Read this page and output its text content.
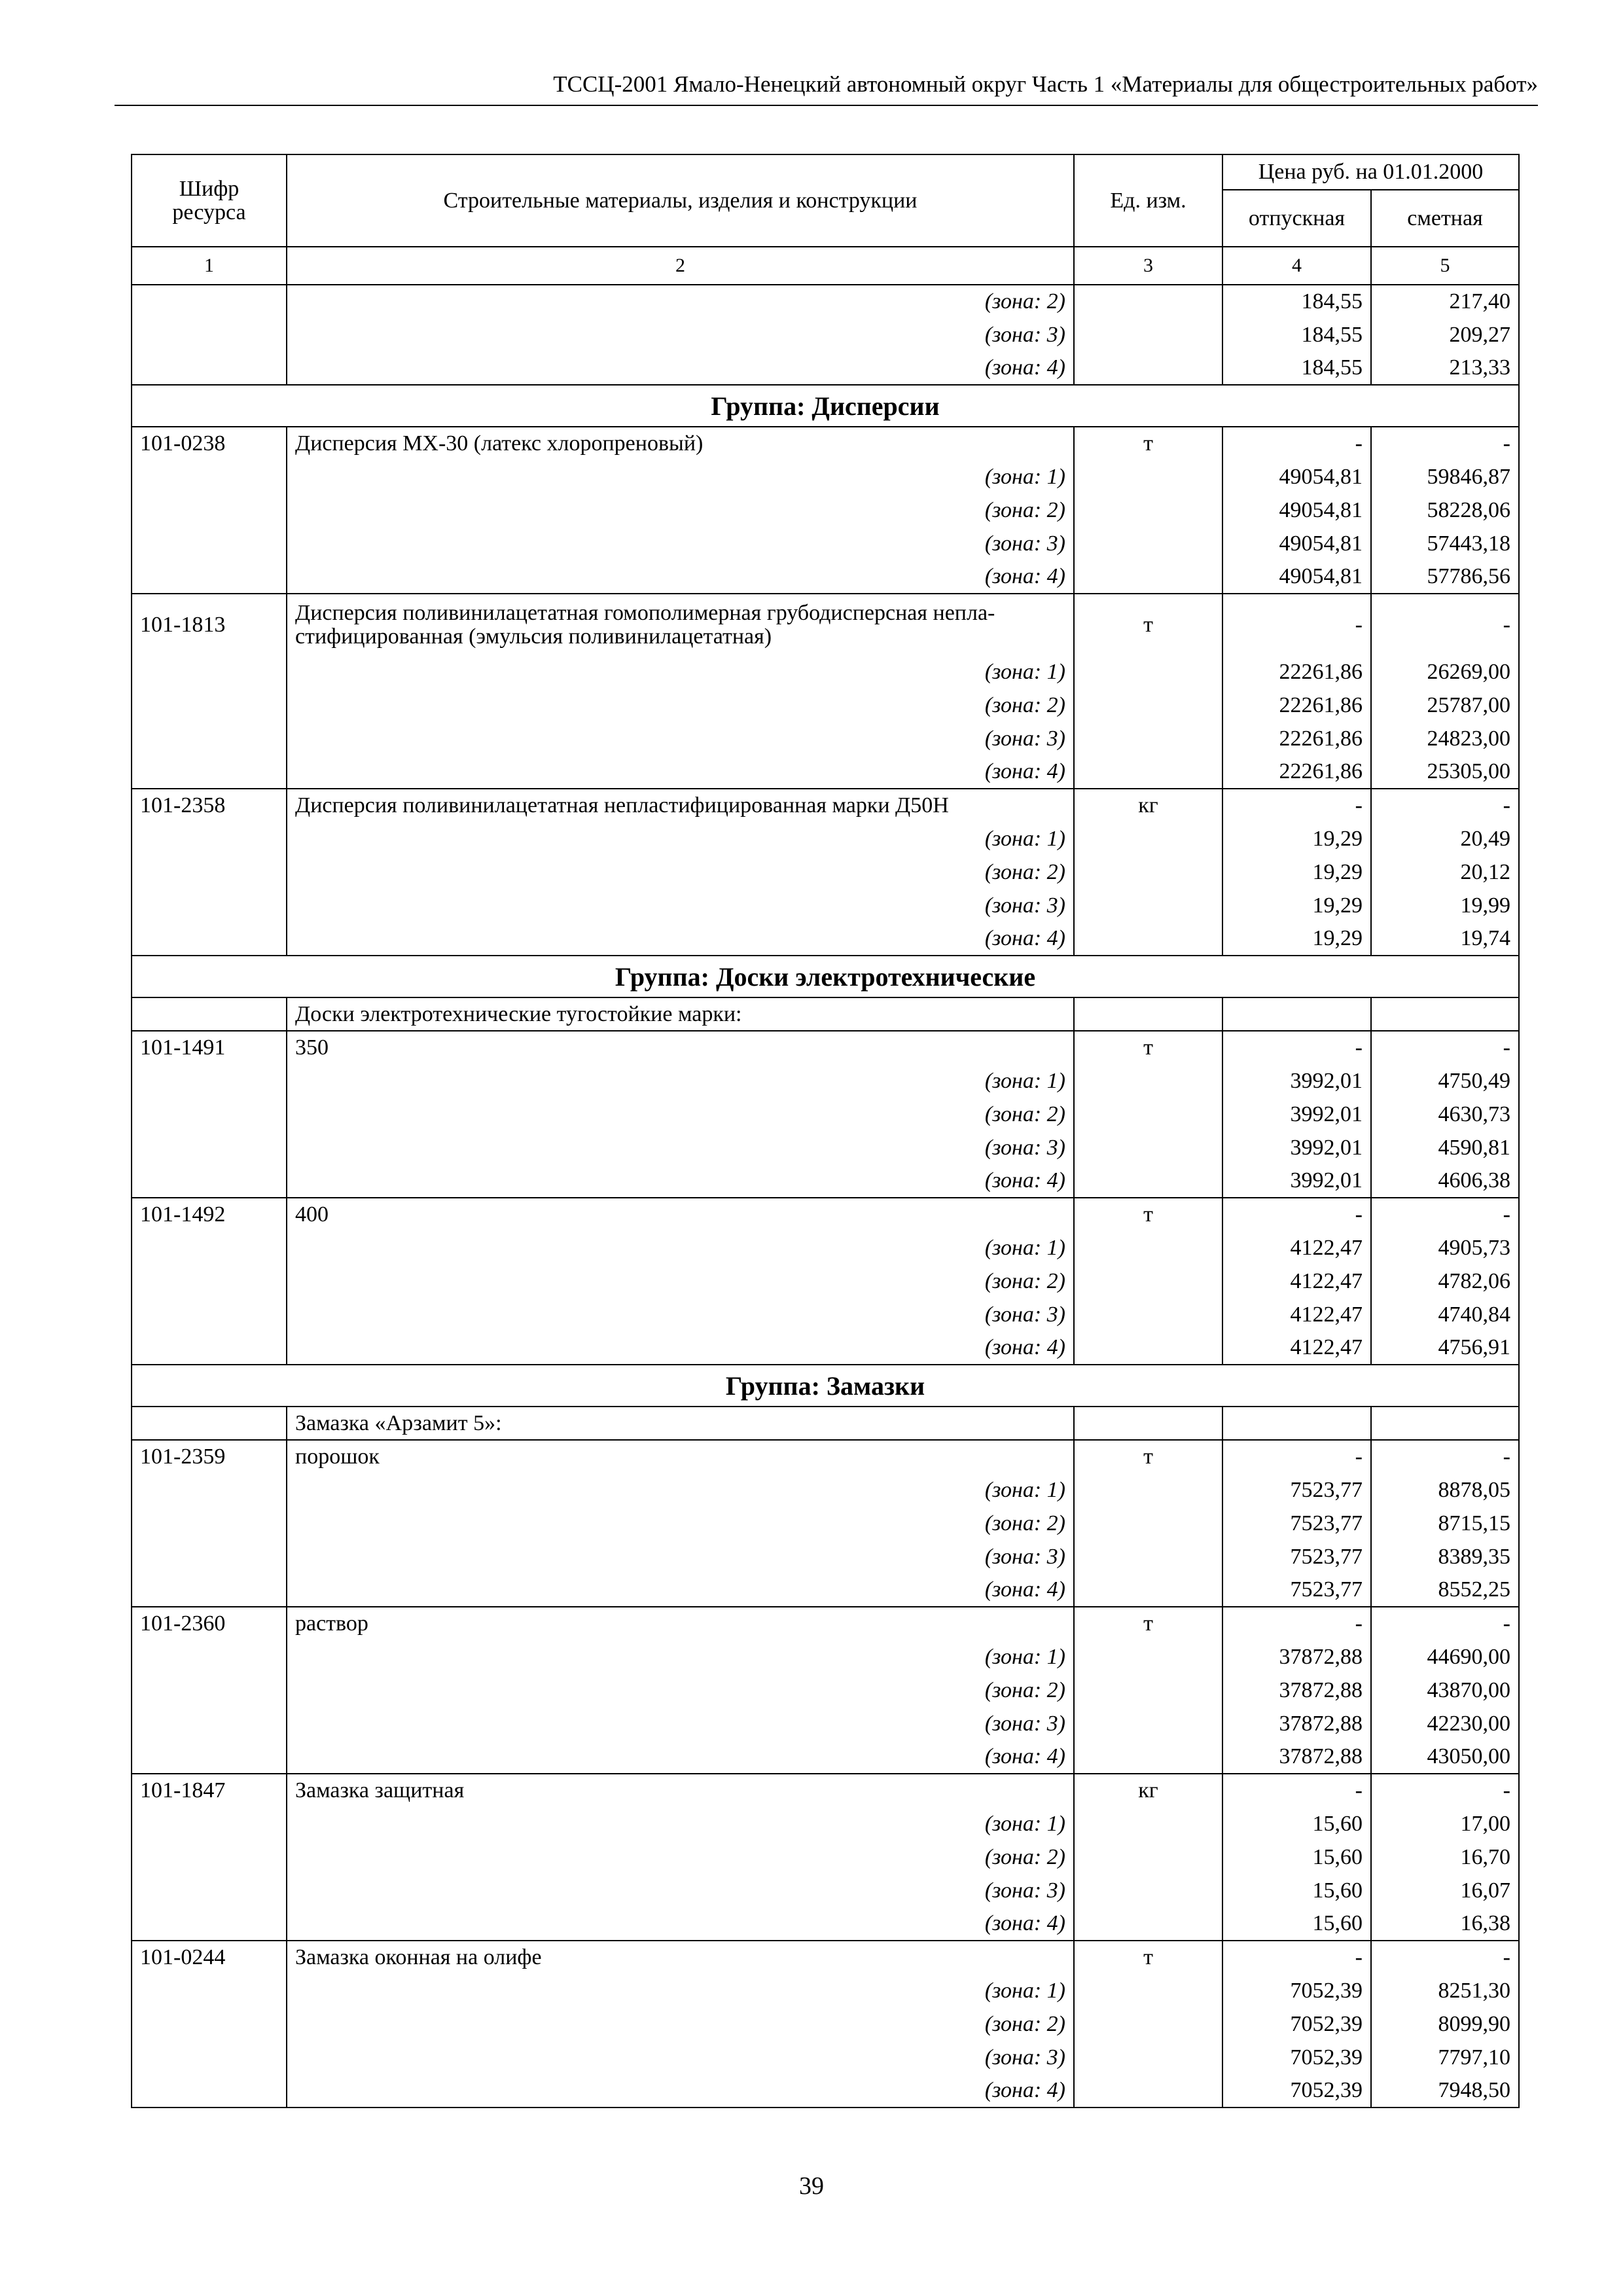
ТССЦ-2001 Ямало-Ненецкий автономный округ Часть 1 «Материалы для общестроительных работ»
Шифр ресурса	Строительные материалы, изделия и конструкции	Ед. изм.	Цена руб. на 01.01.2000	
			отпускная	сметная
1	2	3	4	5
	(зона: 2)		184,55	217,40
	(зона: 3)		184,55	209,27
	(зона: 4)		184,55	213,33
Группа: Дисперсии				
101-0238	Дисперсия МХ-30 (латекс хлоропреновый)	т	-	-
	(зона: 1)		49054,81	59846,87
	(зона: 2)		49054,81	58228,06
	(зона: 3)		49054,81	57443,18
	(зона: 4)		49054,81	57786,56
101-1813	Дисперсия поливинилацетатная гомополимерная грубодисперсная непла-стифицированная (эмульсия поливинилацетатная)	т	-	-
	(зона: 1)		22261,86	26269,00
	(зона: 2)		22261,86	25787,00
	(зона: 3)		22261,86	24823,00
	(зона: 4)		22261,86	25305,00
101-2358	Дисперсия поливинилацетатная непластифицированная марки Д50Н	кг	-	-
	(зона: 1)		19,29	20,49
	(зона: 2)		19,29	20,12
	(зона: 3)		19,29	19,99
	(зона: 4)		19,29	19,74
Группа: Доски электротехнические				
	Доски электротехнические тугостойкие марки:			
101-1491	350	т	-	-
	(зона: 1)		3992,01	4750,49
	(зона: 2)		3992,01	4630,73
	(зона: 3)		3992,01	4590,81
	(зона: 4)		3992,01	4606,38
101-1492	400	т	-	-
	(зона: 1)		4122,47	4905,73
	(зона: 2)		4122,47	4782,06
	(зона: 3)		4122,47	4740,84
	(зона: 4)		4122,47	4756,91
Группа: Замазки				
	Замазка «Арзамит 5»:			
101-2359	порошок	т	-	-
	(зона: 1)		7523,77	8878,05
	(зона: 2)		7523,77	8715,15
	(зона: 3)		7523,77	8389,35
	(зона: 4)		7523,77	8552,25
101-2360	раствор	т	-	-
	(зона: 1)		37872,88	44690,00
	(зона: 2)		37872,88	43870,00
	(зона: 3)		37872,88	42230,00
	(зона: 4)		37872,88	43050,00
101-1847	Замазка защитная	кг	-	-
	(зона: 1)		15,60	17,00
	(зона: 2)		15,60	16,70
	(зона: 3)		15,60	16,07
	(зона: 4)		15,60	16,38
101-0244	Замазка оконная на олифе	т	-	-
	(зона: 1)		7052,39	8251,30
	(зона: 2)		7052,39	8099,90
	(зона: 3)		7052,39	7797,10
	(зона: 4)		7052,39	7948,50
39
